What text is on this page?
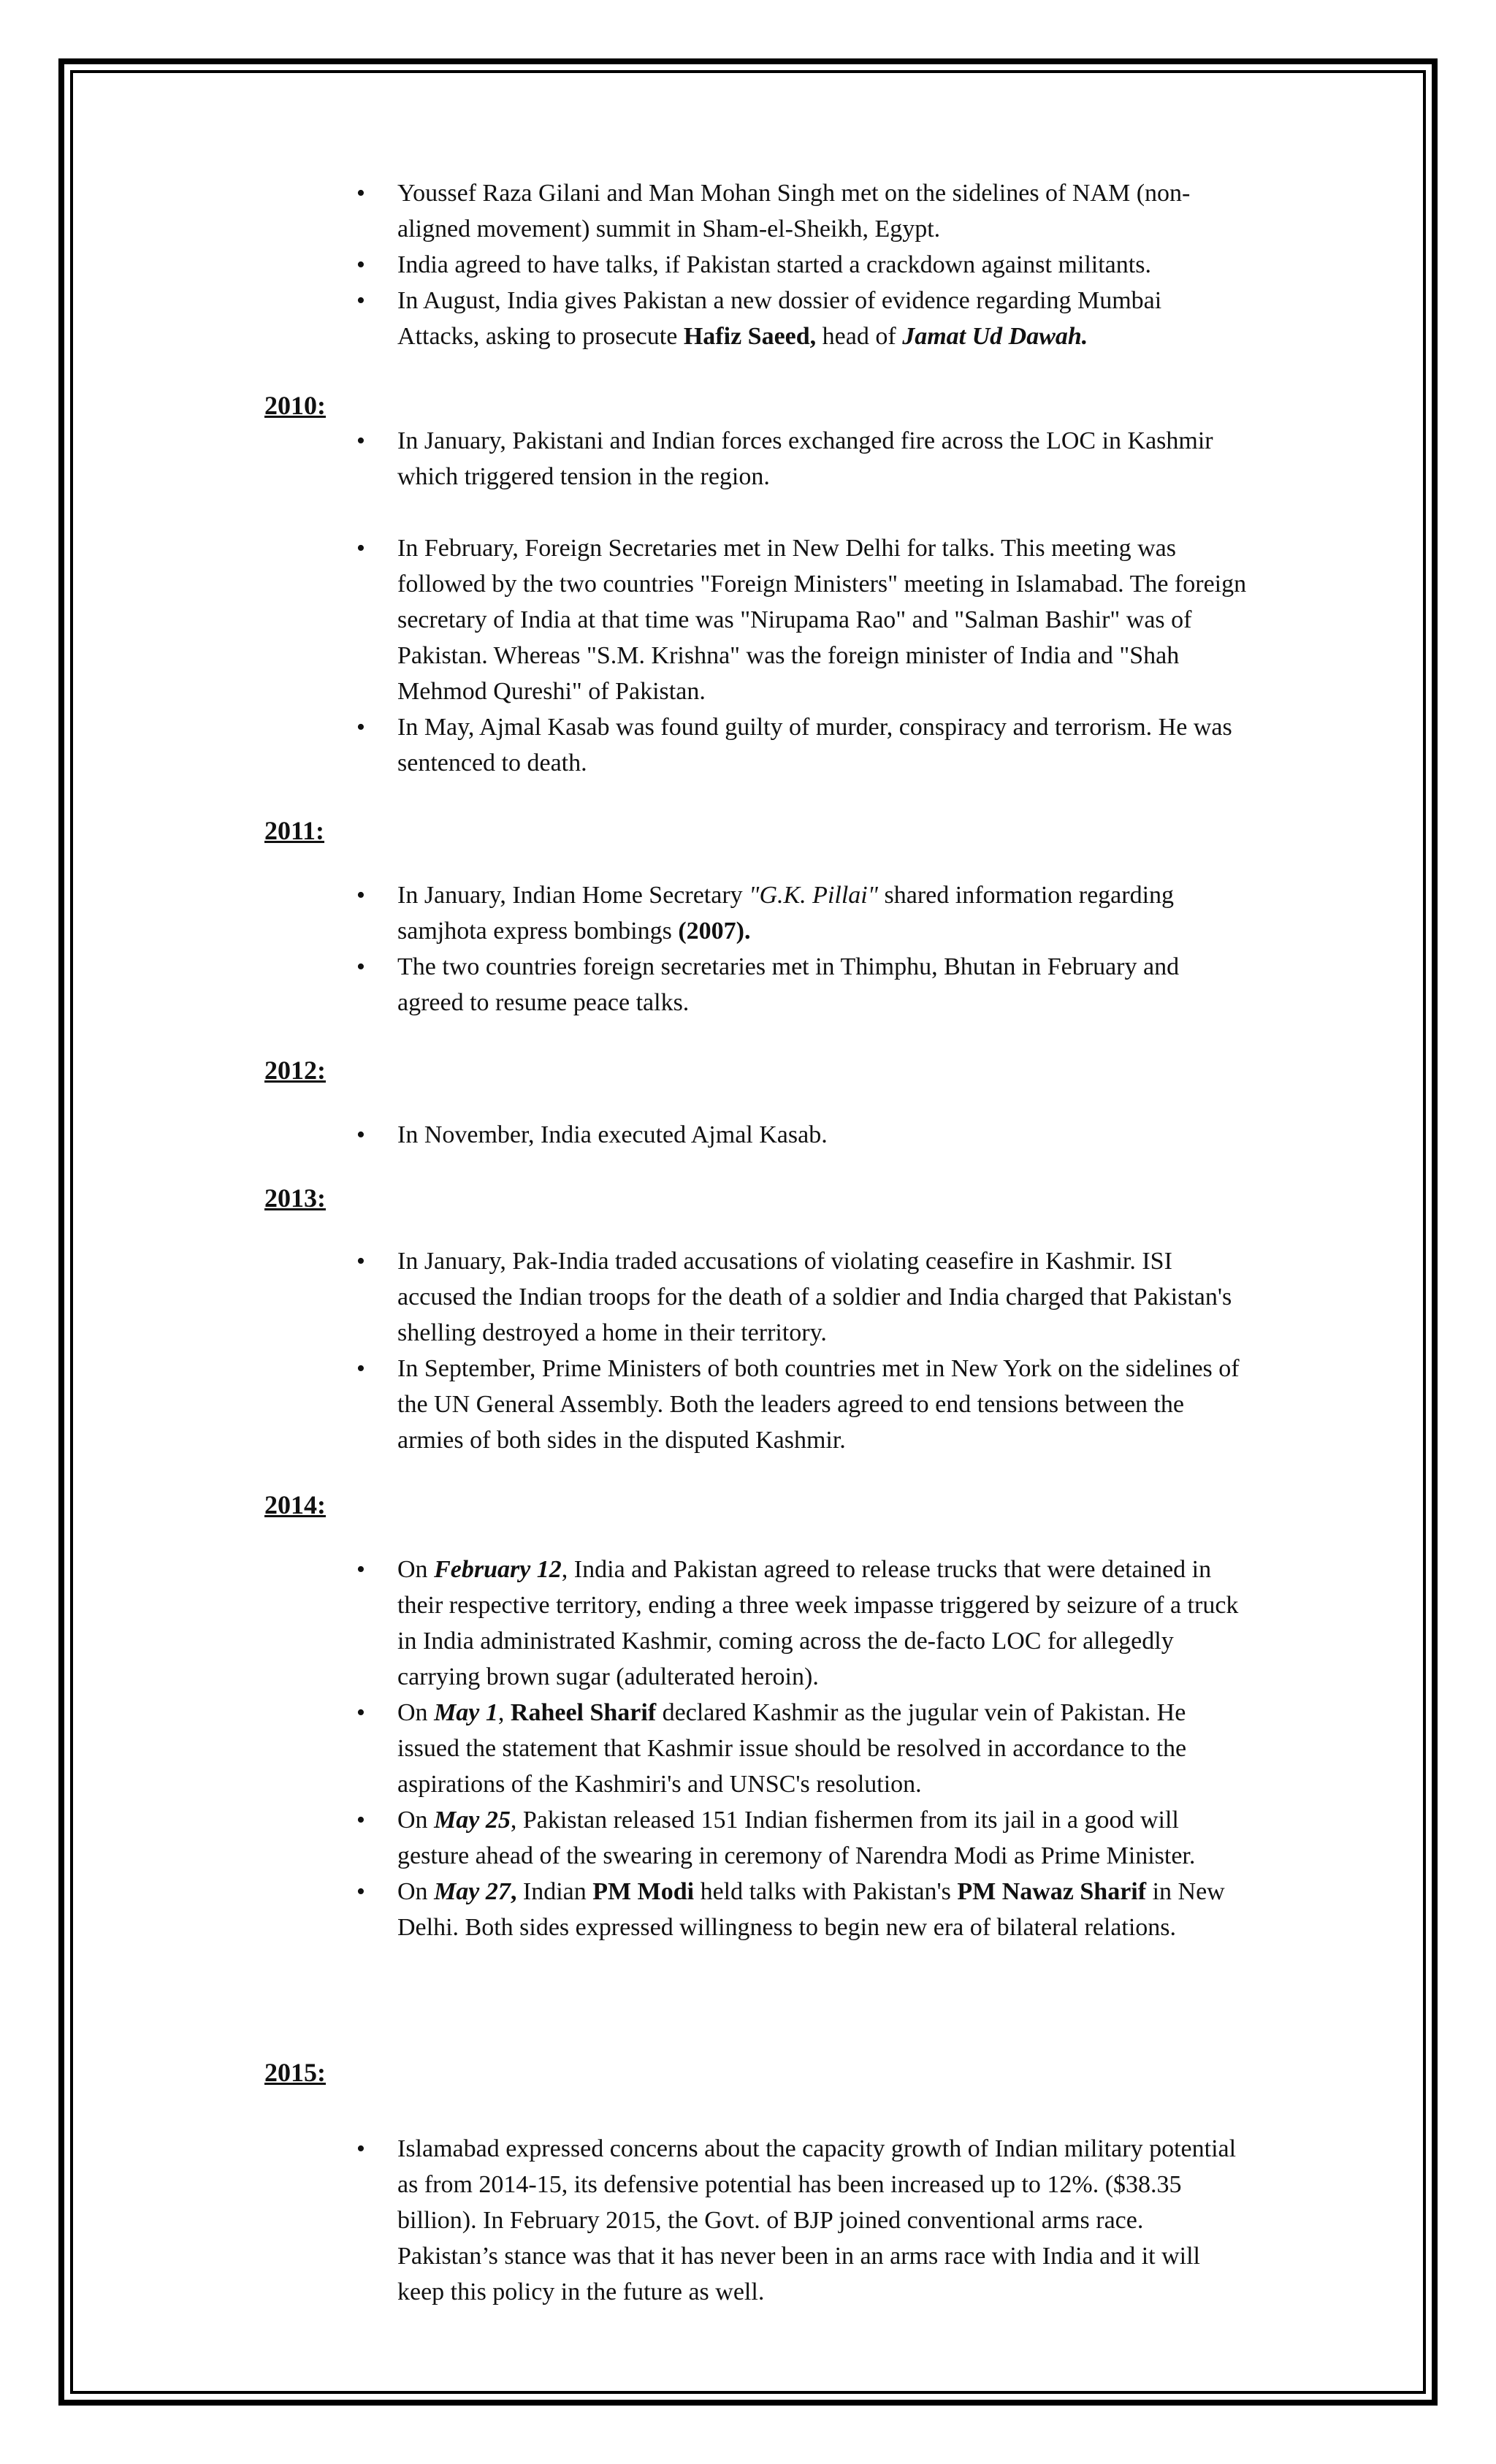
• Youssef Raza Gilani and Man Mohan Singh met on the sidelines of NAM (non-
aligned movement) summit in Sham-el-Sheikh, Egypt.
• India agreed to have talks, if Pakistan started a crackdown against militants.
• In August, India gives Pakistan a new dossier of evidence regarding Mumbai
Attacks, asking to prosecute Hafiz Saeed, head of Jamat Ud Dawah.
2010:
• In January, Pakistani and Indian forces exchanged fire across the LOC in Kashmir
which triggered tension in the region.
• In February, Foreign Secretaries met in New Delhi for talks. This meeting was
followed by the two countries "Foreign Ministers" meeting in Islamabad. The foreign
secretary of India at that time was "Nirupama Rao" and "Salman Bashir" was of
Pakistan. Whereas "S.M. Krishna" was the foreign minister of India and "Shah
Mehmod Qureshi" of Pakistan.
• In May, Ajmal Kasab was found guilty of murder, conspiracy and terrorism. He was
sentenced to death.
2011:
• In January, Indian Home Secretary "G.K. Pillai" shared information regarding
samjhota express bombings (2007).
• The two countries foreign secretaries met in Thimphu, Bhutan in February and
agreed to resume peace talks.
2012:
• In November, India executed Ajmal Kasab.
2013:
• In January, Pak-India traded accusations of violating ceasefire in Kashmir. ISI
accused the Indian troops for the death of a soldier and India charged that Pakistan's
shelling destroyed a home in their territory.
• In September, Prime Ministers of both countries met in New York on the sidelines of
the UN General Assembly. Both the leaders agreed to end tensions between the
armies of both sides in the disputed Kashmir.
2014:
• On February 12, India and Pakistan agreed to release trucks that were detained in
their respective territory, ending a three week impasse triggered by seizure of a truck
in India administrated Kashmir, coming across the de-facto LOC for allegedly
carrying brown sugar (adulterated heroin).
• On May 1, Raheel Sharif declared Kashmir as the jugular vein of Pakistan. He
issued the statement that Kashmir issue should be resolved in accordance to the
aspirations of the Kashmiri's and UNSC's resolution.
• On May 25, Pakistan released 151 Indian fishermen from its jail in a good will
gesture ahead of the swearing in ceremony of Narendra Modi as Prime Minister.
• On May 27, Indian PM Modi held talks with Pakistan's PM Nawaz Sharif in New
Delhi. Both sides expressed willingness to begin new era of bilateral relations.
2015:
• Islamabad expressed concerns about the capacity growth of Indian military potential
as from 2014-15, its defensive potential has been increased up to 12%. ($38.35
billion). In February 2015, the Govt. of BJP joined conventional arms race.
Pakistan’s stance was that it has never been in an arms race with India and it will
keep this policy in the future as well.
